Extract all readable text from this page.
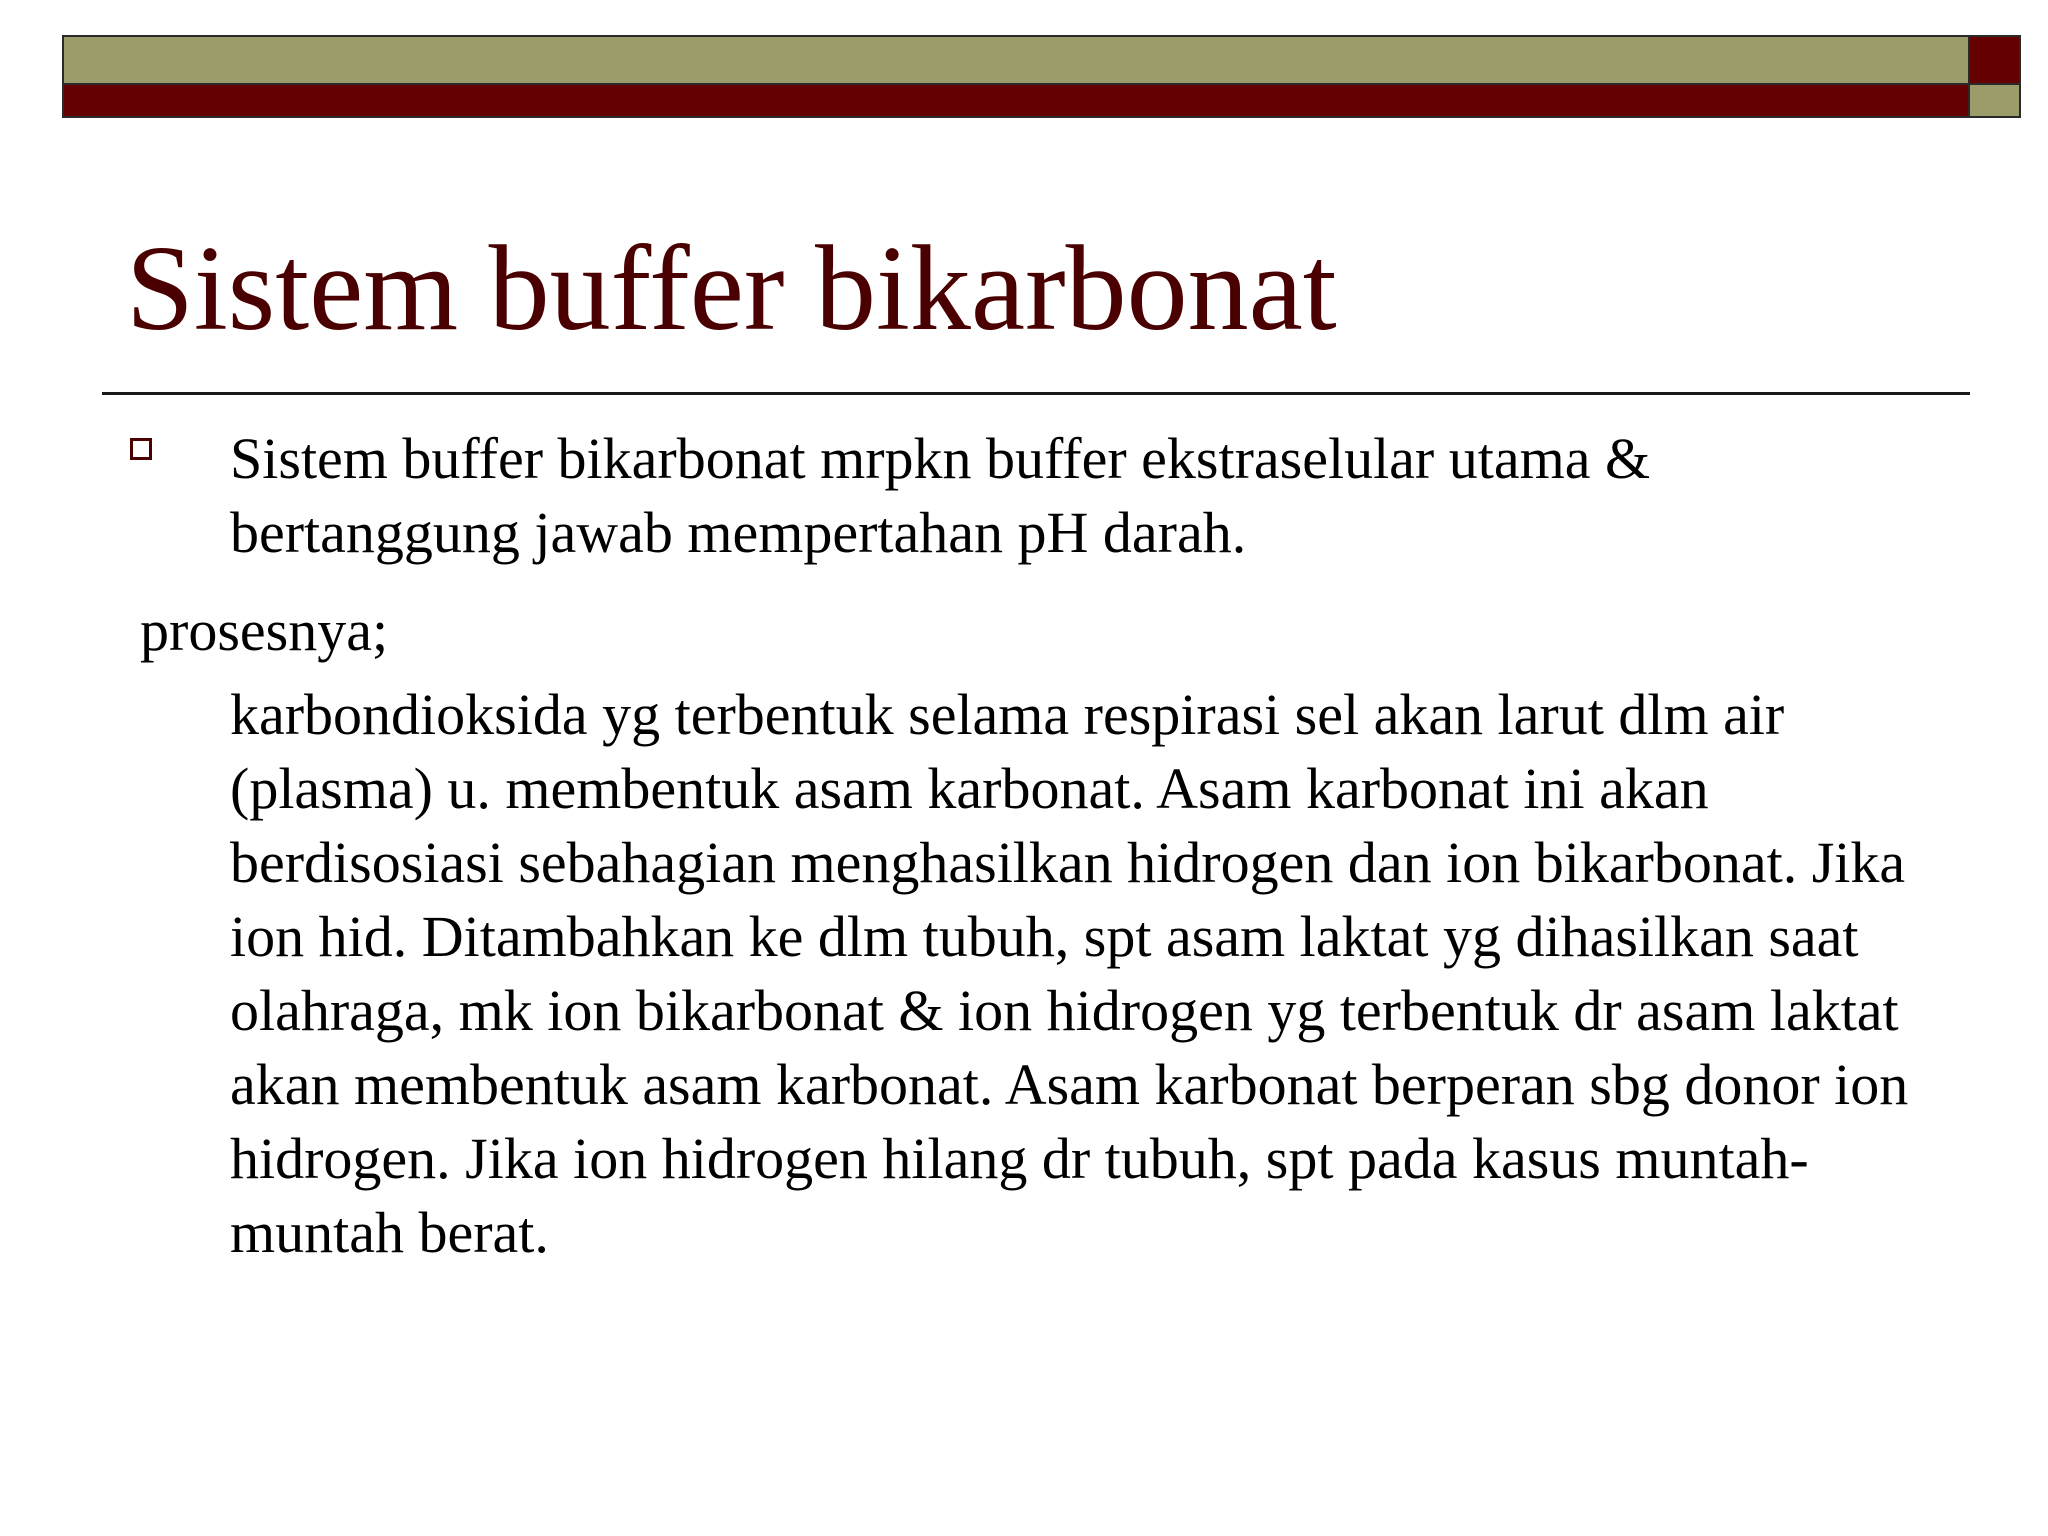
Sistem buffer bikarbonat

Sistem buffer bikarbonat mrpkn buffer ekstraselular utama & bertanggung jawab mempertahan pH darah.

prosesnya;

karbondioksida yg terbentuk selama respirasi sel akan larut dlm air (plasma) u. membentuk asam karbonat. Asam karbonat ini akan berdisosiasi sebahagian menghasilkan hidrogen dan ion bikarbonat. Jika ion hid. Ditambahkan ke dlm tubuh, spt asam laktat yg dihasilkan saat olahraga, mk ion bikarbonat & ion hidrogen yg terbentuk dr asam laktat akan membentuk asam karbonat. Asam karbonat berperan sbg donor ion hidrogen. Jika ion hidrogen hilang dr tubuh, spt pada kasus muntah-muntah berat.
